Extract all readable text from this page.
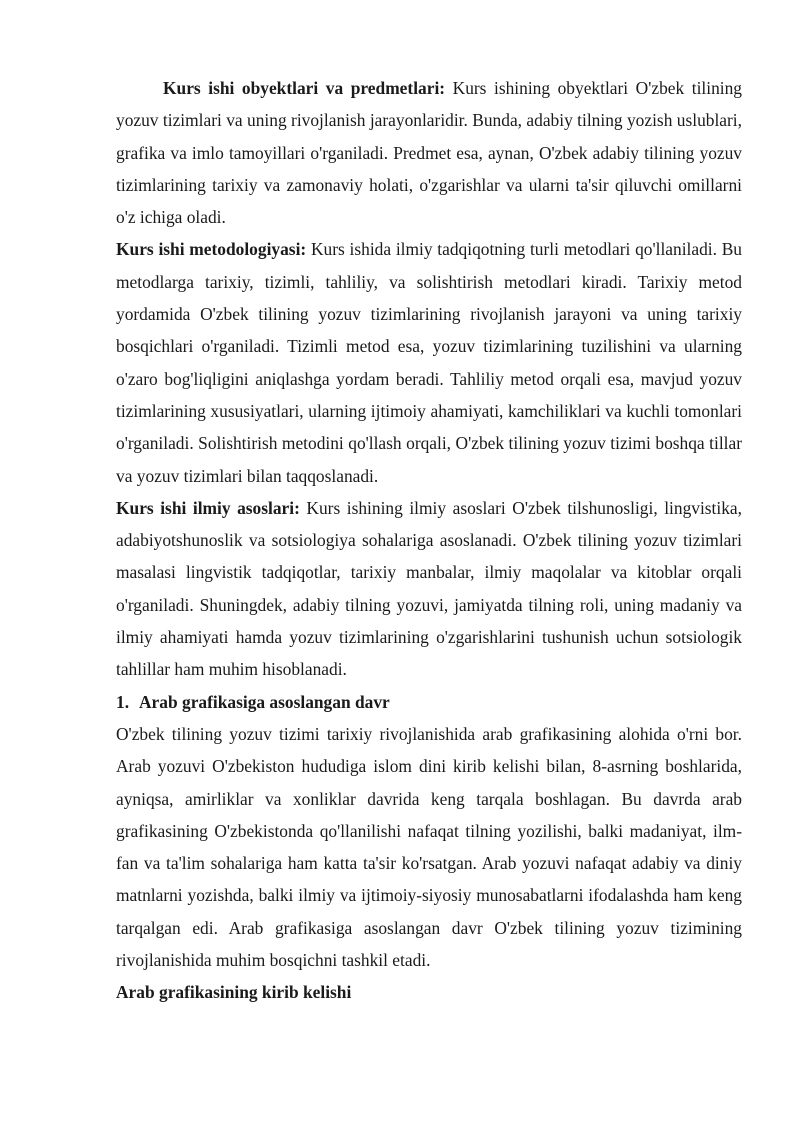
Kurs ishi obyektlari va predmetlari: Kurs ishining obyektlari O'zbek tilining yozuv tizimlari va uning rivojlanish jarayonlaridir. Bunda, adabiy tilning yozish uslublari, grafika va imlo tamoyillari o'rganiladi. Predmet esa, aynan, O'zbek adabiy tilining yozuv tizimlarining tarixiy va zamonaviy holati, o'zgarishlar va ularni ta'sir qiluvchi omillarni o'z ichiga oladi.

Kurs ishi metodologiyasi: Kurs ishida ilmiy tadqiqotning turli metodlari qo'llaniladi. Bu metodlarga tarixiy, tizimli, tahliliy, va solishtirish metodlari kiradi. Tarixiy metod yordamida O'zbek tilining yozuv tizimlarining rivojlanish jarayoni va uning tarixiy bosqichlari o'rganiladi. Tizimli metod esa, yozuv tizimlarining tuzilishini va ularning o'zaro bog'liqligini aniqlashga yordam beradi. Tahliliy metod orqali esa, mavjud yozuv tizimlarining xususiyatlari, ularning ijtimoiy ahamiyati, kamchiliklari va kuchli tomonlari o'rganiladi. Solishtirish metodini qo'llash orqali, O'zbek tilining yozuv tizimi boshqa tillar va yozuv tizimlari bilan taqqoslanadi.

Kurs ishi ilmiy asoslari: Kurs ishining ilmiy asoslari O'zbek tilshunosligi, lingvistika, adabiyotshunoslik va sotsiologiya sohalariga asoslanadi. O'zbek tilining yozuv tizimlari masalasi lingvistik tadqiqotlar, tarixiy manbalar, ilmiy maqolalar va kitoblar orqali o'rganiladi. Shuningdek, adabiy tilning yozuvi, jamiyatda tilning roli, uning madaniy va ilmiy ahamiyati hamda yozuv tizimlarining o'zgarishlarini tushunish uchun sotsiologik tahlillar ham muhim hisoblanadi.

1. Arab grafikasiga asoslangan davr

O'zbek tilining yozuv tizimi tarixiy rivojlanishida arab grafikasining alohida o'rni bor. Arab yozuvi O'zbekiston hududiga islom dini kirib kelishi bilan, 8-asrning boshlarida, ayniqsa, amirliklar va xonliklar davrida keng tarqala boshlagan. Bu davrda arab grafikasining O'zbekistonda qo'llanilishi nafaqat tilning yozilishi, balki madaniyat, ilm-fan va ta'lim sohalariga ham katta ta'sir ko'rsatgan. Arab yozuvi nafaqat adabiy va diniy matnlarni yozishda, balki ilmiy va ijtimoiy-siyosiy munosabatlarni ifodalashda ham keng tarqalgan edi. Arab grafikasiga asoslangan davr O'zbek tilining yozuv tizimining rivojlanishida muhim bosqichni tashkil etadi.

Arab grafikasining kirib kelishi
